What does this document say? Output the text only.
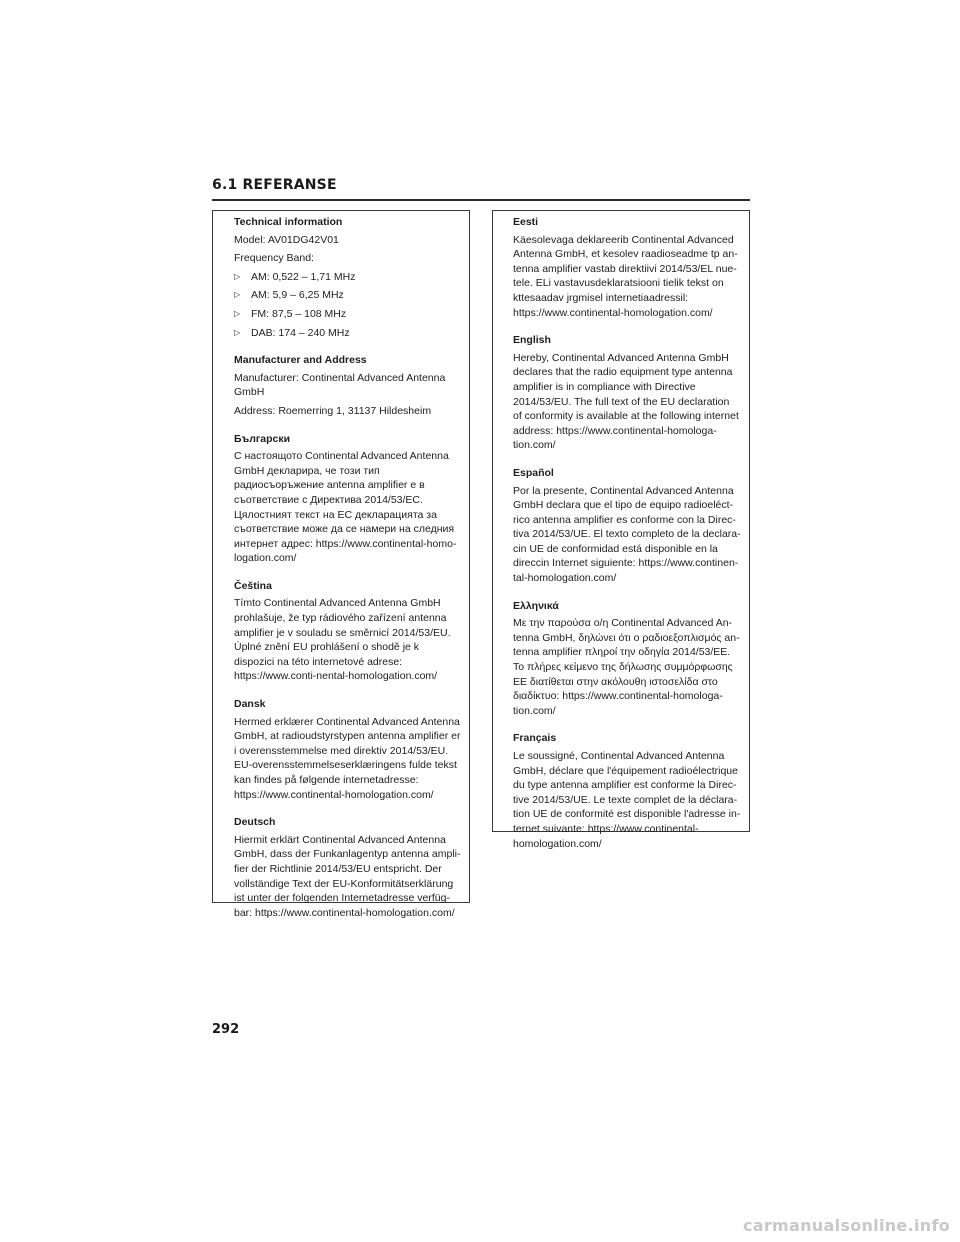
6.1 REFERANSE

Technical information

Model: AV01DG42V01

Frequency Band:

▷ AM: 0,522 – 1,71 MHz
▷ AM: 5,9 – 6,25 MHz
▷ FM: 87,5 – 108 MHz
▷ DAB: 174 – 240 MHz

Manufacturer and Address

Manufacturer: Continental Advanced Antenna GmbH

Address: Roemerring 1, 31137 Hildesheim

Български

С настоящото Continental Advanced Antenna GmbH декларира, че този тип радиосъоръжение antenna amplifier е в съответствие с Директива 2014/53/EC. Цялостният текст на ЕС декларацията за съответствие може да се намери на следния интернет адрес: https://www.continental-homo-logation.com/

Čeština

Tímto Continental Advanced Antenna GmbH prohlašuje, že typ rádiového zařízení antenna amplifier je v souladu se směrnicí 2014/53/EU. Úplné znění EU prohlášení o shodě je k dispozici na této internetové adrese: https://www.conti-nental-homologation.com/

Dansk

Hermed erklærer Continental Advanced Antenna GmbH, at radioudstyrstypen antenna amplifier er i overensstemmelse med direktiv 2014/53/EU. EU-overensstemmelseserklæringens fulde tekst kan findes på følgende internetadresse: https://www.continental-homologation.com/

Deutsch

Hiermit erklärt Continental Advanced Antenna GmbH, dass der Funkanlagentyp antenna ampli-fier der Richtlinie 2014/53/EU entspricht. Der vollständige Text der EU-Konformitätserklärung ist unter der folgenden Internetadresse verfüg-bar: https://www.continental-homologation.com/

Eesti

Käesolevaga deklareerib Continental Advanced Antenna GmbH, et kesolev raadioseadme tp an-tenna amplifier vastab direktiivi 2014/53/EL nue-tele. ELi vastavusdeklaratsiooni tielik tekst on kttesaadav jrgmisel internetiaadressil: https://www.continental-homologation.com/

English

Hereby, Continental Advanced Antenna GmbH declares that the radio equipment type antenna amplifier is in compliance with Directive 2014/53/EU. The full text of the EU declaration of conformity is available at the following internet address: https://www.continental-homologa-tion.com/

Español

Por la presente, Continental Advanced Antenna GmbH declara que el tipo de equipo radioeléct-rico antenna amplifier es conforme con la Direc-tiva 2014/53/UE. El texto completo de la declara-cin UE de conformidad está disponible en la direccin Internet siguiente: https://www.continen-tal-homologation.com/

Ελληνικά

Με την παρούσα ο/η Continental Advanced An-tenna GmbH, δηλώνει ότι ο ραδιοεξοπλισμός an-tenna amplifier πληροί την οδηγία 2014/53/ΕΕ. Το πλήρες κείμενο της δήλωσης συμμόρφωσης ΕΕ διατίθεται στην ακόλουθη ιστοσελίδα στο διαδίκτυο: https://www.continental-homologa-tion.com/

Français

Le soussigné, Continental Advanced Antenna GmbH, déclare que l'équipement radioélectrique du type antenna amplifier est conforme la Direc-tive 2014/53/UE. Le texte complet de la déclara-tion UE de conformité est disponible l'adresse in-ternet suivante: https://www.continental-homologation.com/

292
carmanualsonline.info
